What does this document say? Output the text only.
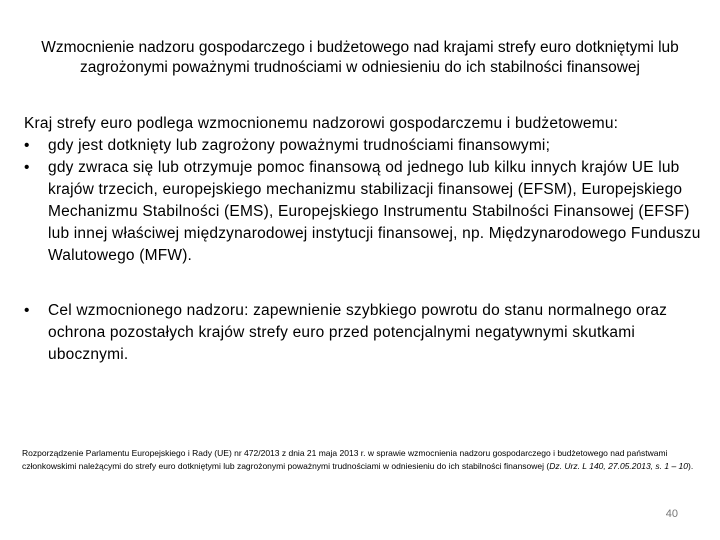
Wzmocnienie nadzoru gospodarczego i budżetowego nad krajami strefy euro dotkniętymi lub zagrożonymi poważnymi trudnościami w odniesieniu do ich stabilności finansowej
Kraj strefy euro podlega wzmocnionemu nadzorowi gospodarczemu i budżetowemu:
• gdy jest dotknięty lub zagrożony poważnymi trudnościami finansowymi;
• gdy zwraca się lub otrzymuje pomoc finansową od jednego lub kilku innych krajów UE lub krajów trzecich, europejskiego mechanizmu stabilizacji finansowej (EFSM), Europejskiego Mechanizmu Stabilności (EMS), Europejskiego Instrumentu Stabilności Finansowej (EFSF) lub innej właściwej międzynarodowej instytucji finansowej, np. Międzynarodowego Funduszu Walutowego (MFW).
• Cel wzmocnionego nadzoru: zapewnienie szybkiego powrotu do stanu normalnego oraz ochrona pozostałych krajów strefy euro przed potencjalnymi negatywnymi skutkami ubocznymi.
Rozporządzenie Parlamentu Europejskiego i Rady (UE) nr 472/2013 z dnia 21 maja 2013 r. w sprawie wzmocnienia nadzoru gospodarczego i budżetowego nad państwami członkowskimi należącymi do strefy euro dotkniętymi lub zagrożonymi poważnymi trudnościami w odniesieniu do ich stabilności finansowej (Dz. Urz. L 140, 27.05.2013, s. 1 – 10).
40
